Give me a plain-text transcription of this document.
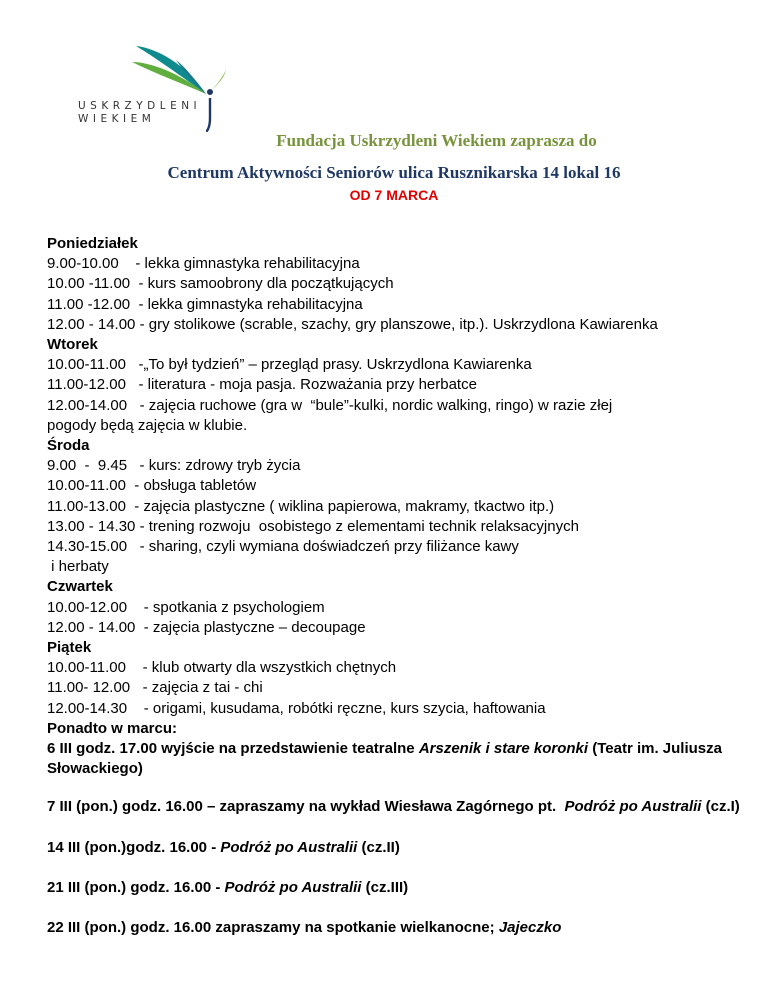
USKRZYDLENI
WIEKIEM
Fundacja Uskrzydleni Wiekiem zaprasza do
Centrum Aktywności Seniorów ulica Rusznikarska 14 lokal 16
OD 7 MARCA
Poniedziałek
9.00-10.00    - lekka gimnastyka rehabilitacyjna
10.00 -11.00  - kurs samoobrony dla początkujących
11.00 -12.00  - lekka gimnastyka rehabilitacyjna
12.00 - 14.00 - gry stolikowe (scrable, szachy, gry planszowe, itp.). Uskrzydlona Kawiarenka
Wtorek
10.00-11.00   -„To był tydzień” – przegląd prasy. Uskrzydlona Kawiarenka
11.00-12.00   - literatura - moja pasja. Rozważania przy herbatce
12.00-14.00   - zajęcia ruchowe (gra w  “bule”-kulki, nordic walking, ringo) w razie złej
pogody będą zajęcia w klubie.
Środa
9.00  -  9.45   - kurs: zdrowy tryb życia
10.00-11.00  - obsługa tabletów
11.00-13.00  - zajęcia plastyczne ( wiklina papierowa, makramy, tkactwo itp.)
13.00 - 14.30 - trening rozwoju  osobistego z elementami technik relaksacyjnych
14.30-15.00   - sharing, czyli wymiana doświadczeń przy filiżance kawy
i herbaty
Czwartek
10.00-12.00    - spotkania z psychologiem
12.00 - 14.00  - zajęcia plastyczne – decoupage
Piątek
10.00-11.00    - klub otwarty dla wszystkich chętnych
11.00- 12.00   - zajęcia z tai - chi
12.00-14.30    - origami, kusudama, robótki ręczne, kurs szycia, haftowania
Ponadto w marcu:

6 III godz. 17.00 wyjście na przedstawienie teatralne Arszenik i stare koronki (Teatr im. Juliusza Słowackiego)

7 III (pon.) godz. 16.00 – zapraszamy na wykład Wiesława Zagórnego pt.  Podróż po Australii (cz.I)

14 III (pon.)godz. 16.00 - Podróż po Australii (cz.II)

21 III (pon.) godz. 16.00 - Podróż po Australii (cz.III)

22 III (pon.) godz. 16.00 zapraszamy na spotkanie wielkanocne; Jajeczko
